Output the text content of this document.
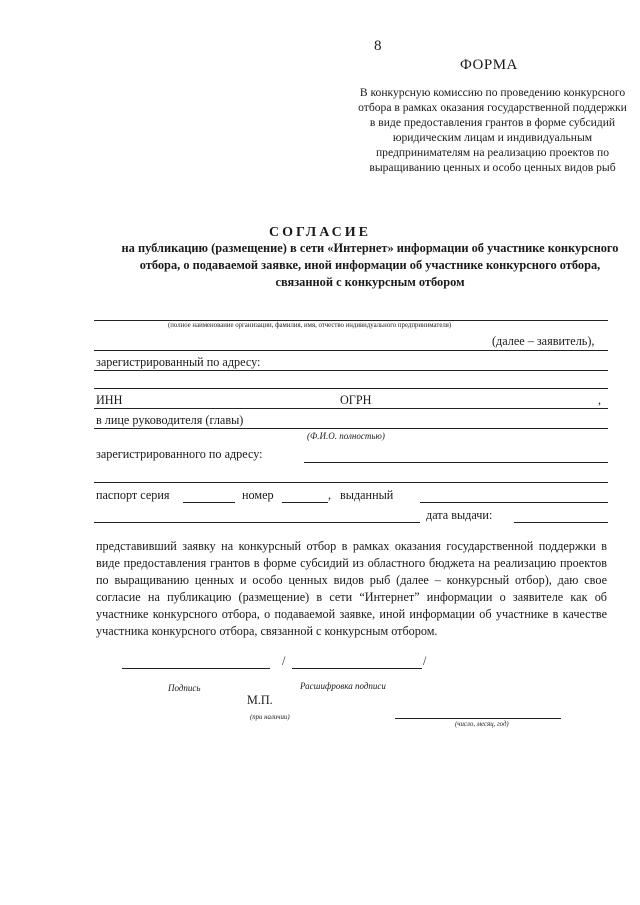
8
ФОРМА
В конкурсную комиссию по проведению конкурсного отбора в рамках оказания государственной поддержки в виде предоставления грантов в форме субсидий юридическим лицам и индивидуальным предпринимателям на реализацию проектов по выращиванию ценных и особо ценных видов рыб
СОГЛАСИЕ
на публикацию (размещение) в сети «Интернет» информации об участнике конкурсного отбора, о подаваемой заявке, иной информации об участнике конкурсного отбора, связанной с конкурсным отбором
(полное наименование организации, фамилия, имя, отчество индивидуального предпринимателя)
(далее – заявитель),
зарегистрированный по адресу:
ИНН	ОГРН	,
в лице руководителя (главы)
(Ф.И.О. полностью)
зарегистрированного по адресу:
паспорт серия	номер	, выданный
дата выдачи:
представивший заявку на конкурсный отбор в рамках оказания государственной поддержки в виде предоставления грантов в форме субсидий из областного бюджета на реализацию проектов по выращиванию ценных и особо ценных видов рыб (далее – конкурсный отбор), даю свое согласие на публикацию (размещение) в сети “Интернет” информации о заявителе как об участнике конкурсного отбора, о подаваемой заявке, иной информации об участнике в качестве участника конкурсного отбора, связанной с конкурсным отбором.
/	/
Подпись	Расшифровка подписи
М.П.
(при наличии)
(число, месяц, год)
